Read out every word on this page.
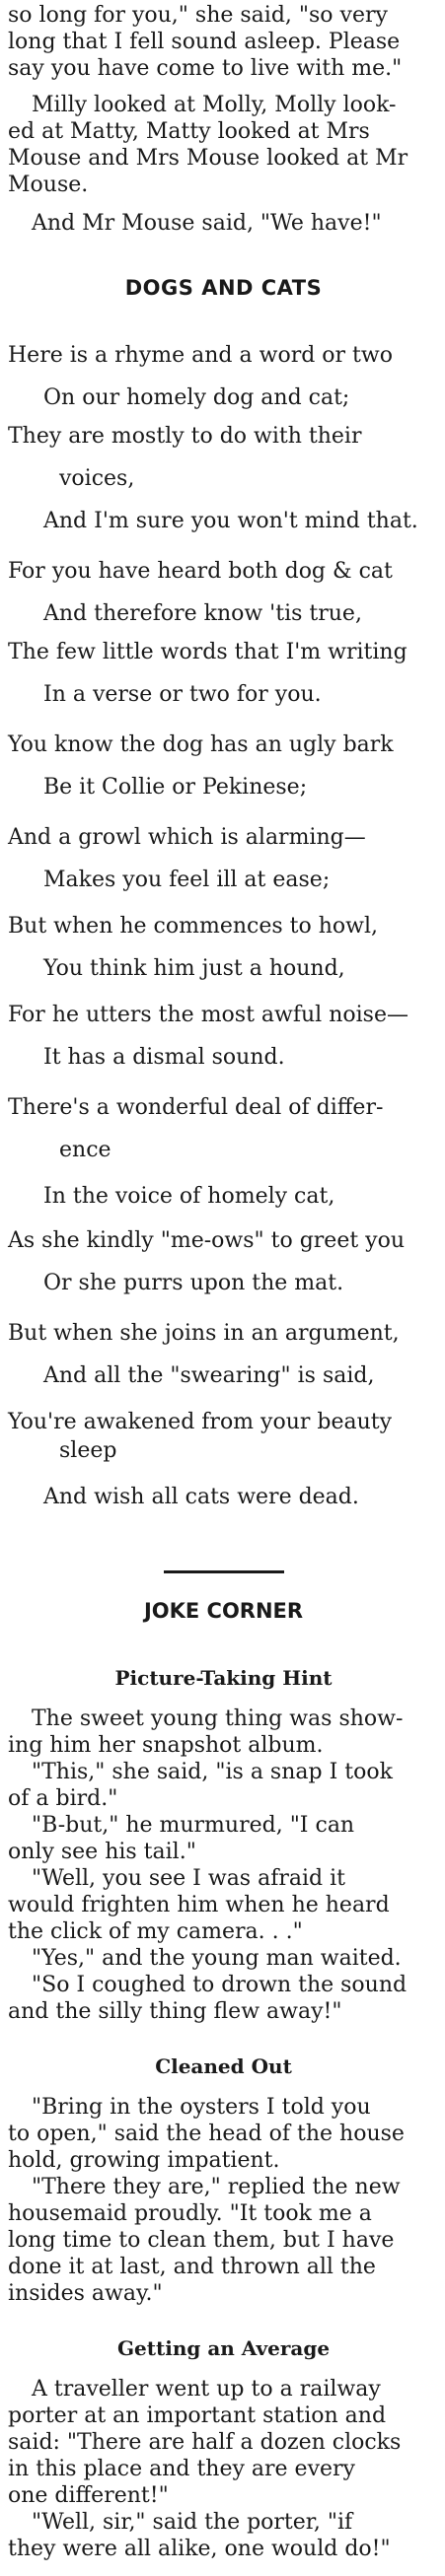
so long for you," she said, "so very
long that I fell sound asleep. Please
say you have come to live with me."
Milly looked at Molly, Molly look-
ed at Matty, Matty looked at Mrs
Mouse and Mrs Mouse looked at Mr
Mouse.
And Mr Mouse said, "We have!"
DOGS AND CATS
Here is a rhyme and a word or two
On our homely dog and cat;
They are mostly to do with their
voices,
And I'm sure you won't mind that.
For you have heard both dog & cat
And therefore know 'tis true,
The few little words that I'm writing
In a verse or two for you.
You know the dog has an ugly bark
Be it Collie or Pekinese;
And a growl which is alarming—
Makes you feel ill at ease;
But when he commences to howl,
You think him just a hound,
For he utters the most awful noise—
It has a dismal sound.
There's a wonderful deal of differ-
ence
In the voice of homely cat,
As she kindly "me-ows" to greet you
Or she purrs upon the mat.
But when she joins in an argument,
And all the "swearing" is said,
You're awakened from your beauty
sleep
And wish all cats were dead.
JOKE CORNER
Picture-Taking Hint
The sweet young thing was show-
ing him her snapshot album.
"This," she said, "is a snap I took
of a bird."
"B-but," he murmured, "I can
only see his tail."
"Well, you see I was afraid it
would frighten him when he heard
the click of my camera. . ."
"Yes," and the young man waited.
"So I coughed to drown the sound
and the silly thing flew away!"
Cleaned Out
"Bring in the oysters I told you
to open," said the head of the house
hold, growing impatient.
"There they are," replied the new
housemaid proudly. "It took me a
long time to clean them, but I have
done it at last, and thrown all the
insides away."
Getting an Average
A traveller went up to a railway
porter at an important station and
said: "There are half a dozen clocks
in this place and they are every
one different!"
"Well, sir," said the porter, "if
they were all alike, one would do!"
